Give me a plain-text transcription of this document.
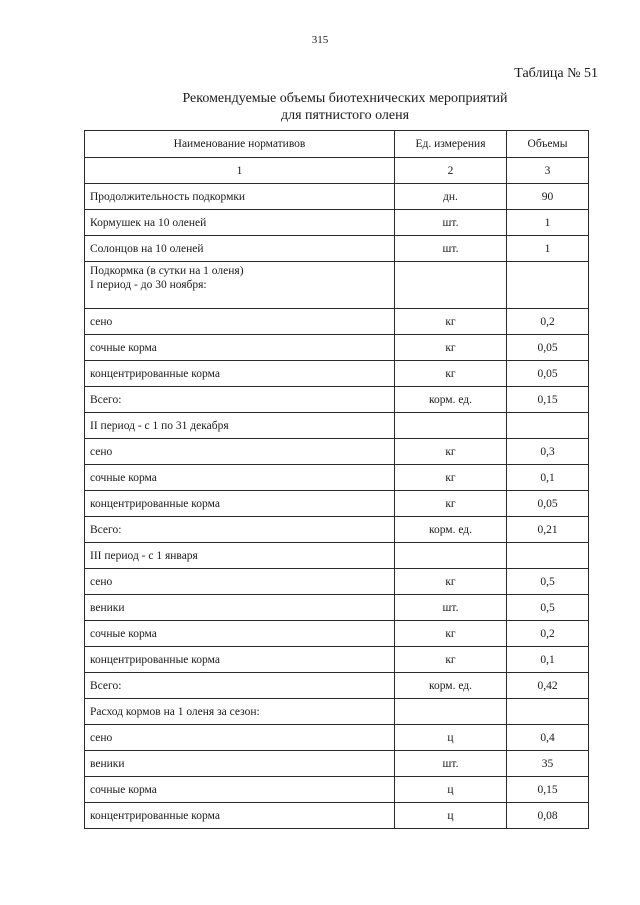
315
Таблица № 51
Рекомендуемые объемы биотехнических мероприятий
для пятнистого оленя
Наименование нормативов	Ед. измерения	Объемы
1	2	3

Продолжительность подкормки	дн.	90

Кормушек на 10 оленей	шт.	1

Солонцов на 10 оленей	шт.	1

Подкормка (в сутки на 1 оленя)
I период - до 30 ноября:		

сено	кг	0,2

сочные корма	кг	0,05

концентрированные корма	кг	0,05

Всего:	корм. ед.	0,15

II период - с 1 по 31 декабря		

сено	кг	0,3

сочные корма	кг	0,1

концентрированные корма	кг	0,05

Всего:	корм. ед.	0,21

III период - с 1 января		

сено	кг	0,5

веники	шт.	0,5

сочные корма	кг	0,2

концентрированные корма	кг	0,1

Всего:	корм. ед.	0,42

Расход кормов на 1 оленя за сезон:		

сено	ц	0,4

веники	шт.	35

сочные корма	ц	0,15

концентрированные корма	ц	0,08
